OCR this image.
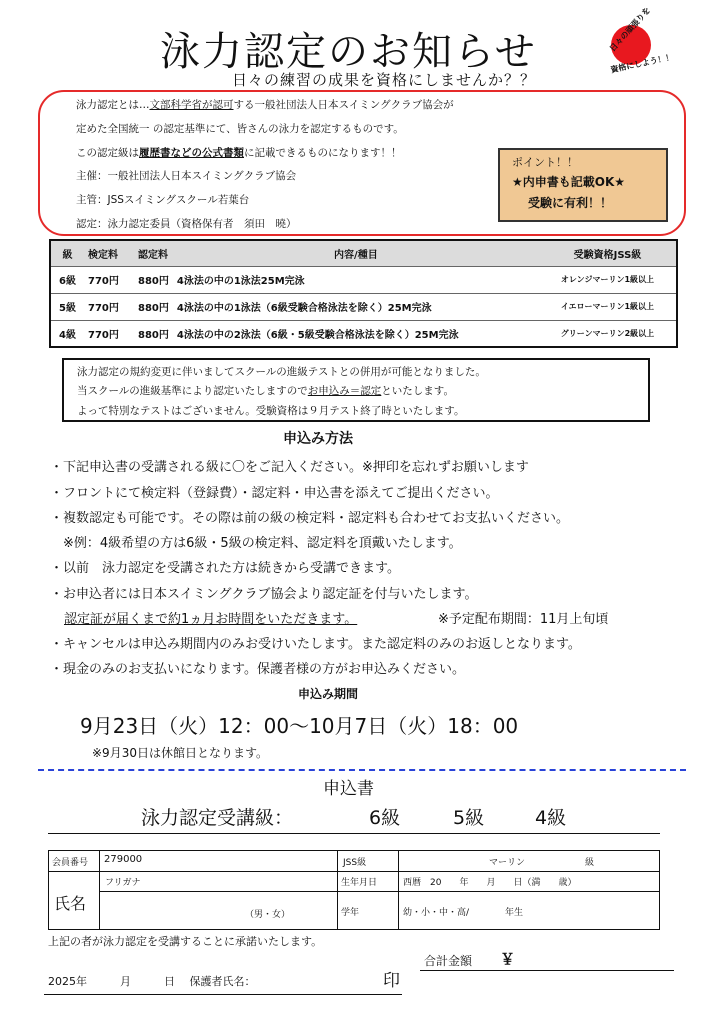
泳力認定のお知らせ
日々の練習の成果を資格にしませんか？？
日々の頑張りを
資格にしよう！！
泳力認定とは…文部科学省が認可する一般社団法人日本スイミングクラブ協会が
定めた全国統一 の認定基準にて、皆さんの泳力を認定するものです。
この認定級は履歴書などの公式書類に記載できるものになります！！
主催：一般社団法人日本スイミングクラブ協会
主管：JSSスイミングスクール若葉台
認定：泳力認定委員（資格保有者　須田　曉）
ポイント！！
★内申書も記載OK★
受験に有利！！
級	検定料	認定料	内容/種目	受験資格JSS級
6級	770円	880円	4泳法の中の1泳法25M完泳	オレンジマーリン1級以上
5級	770円	880円	4泳法の中の1泳法（6級受験合格泳法を除く）25M完泳	イエローマーリン1級以上
4級	770円	880円	4泳法の中の2泳法（6級・5級受験合格泳法を除く）25M完泳	グリーンマーリン2級以上
泳力認定の規約変更に伴いましてスクールの進級テストとの併用が可能となりました。
当スクールの進級基準により認定いたしますのでお申込み＝認定といたします。
よって特別なテストはございません。受験資格は９月テスト終了時といたします。
申込み方法
・下記申込書の受講される級に〇をご記入ください。※押印を忘れずお願いします
・フロントにて検定料（登録費）・認定料・申込書を添えてご提出ください。
・複数認定も可能です。その際は前の級の検定料・認定料も合わせてお支払いください。
　※例：4級希望の方は6級・5級の検定料、認定料を頂戴いたします。
・以前　泳力認定を受講された方は続きから受講できます。
・お申込者には日本スイミングクラブ協会より認定証を付与いたします。
認定証が届くまで約1ヵ月お時間をいただきます。	※予定配布期間：11月上旬頃
・キャンセルは申込み期間内のみお受けいたします。また認定料のみのお返しとなります。
・現金のみのお支払いになります。保護者様の方がお申込みください。
申込み期間
9月23日（火）12：00〜10月7日（火）18：00
※9月30日は休館日となります。
申込書
泳力認定受講級：	6級	5級	4級
会員番号 279000	JSS級	マーリン	級
氏名
フリガナ
（男・女）
生年月日	西暦　20　　年　　月　　日（満　　歳）
学年	幼・小・中・高/　　　　年生
上記の者が泳力認定を受講することに承諾いたします。
合計金額 ￥
2025年　　　月　　　日　 保護者氏名：	印
